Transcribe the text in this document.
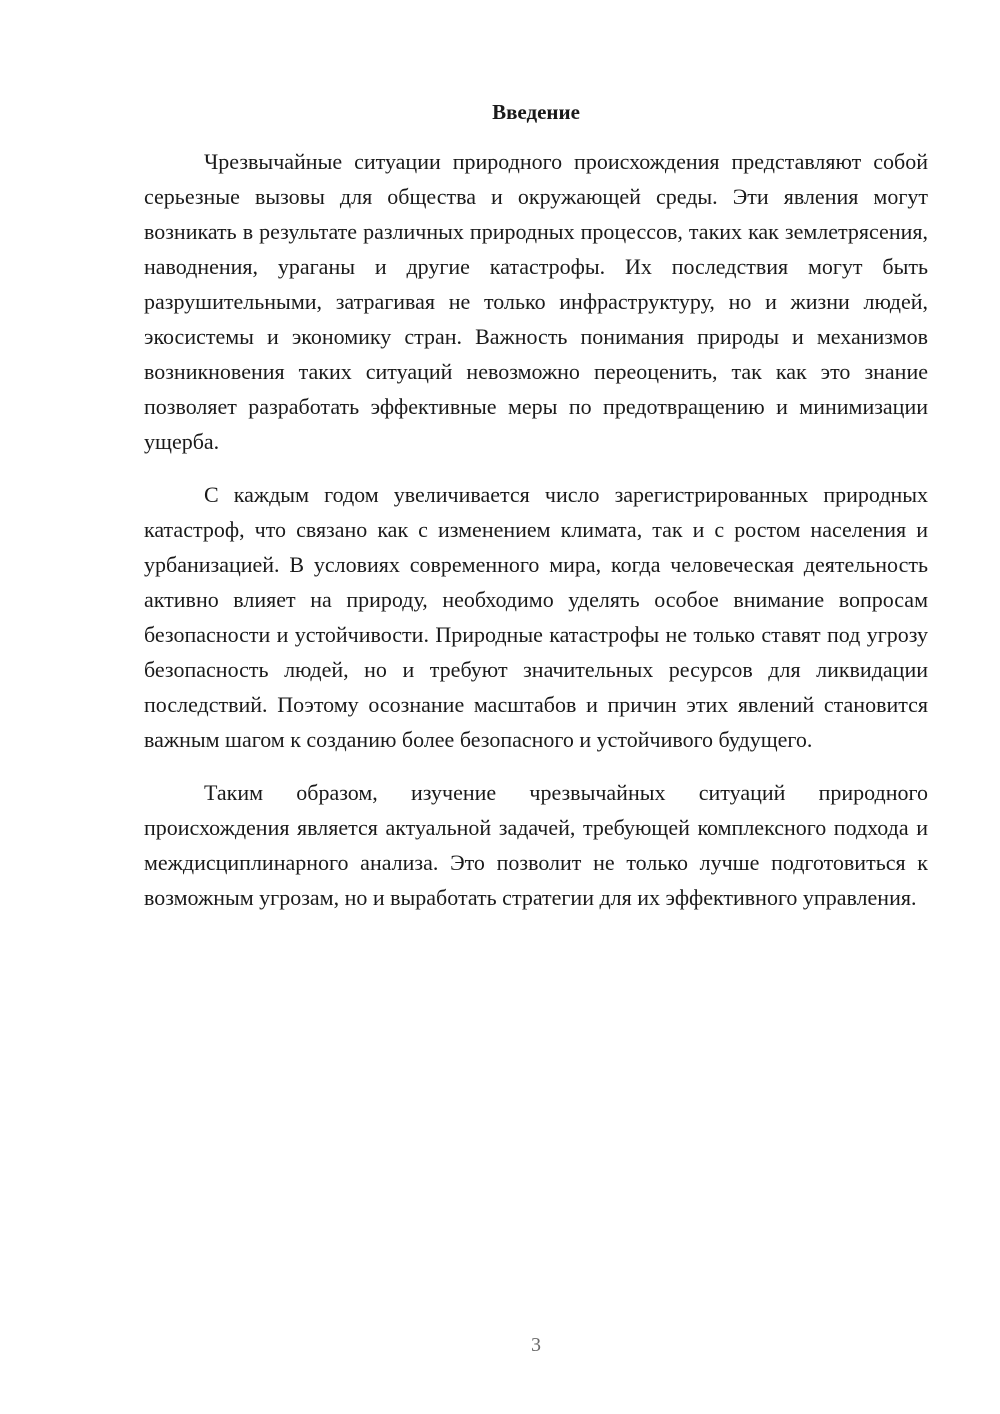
Введение

Чрезвычайные ситуации природного происхождения представляют собой серьезные вызовы для общества и окружающей среды. Эти явления могут возникать в результате различных природных процессов, таких как землетрясения, наводнения, ураганы и другие катастрофы. Их последствия могут быть разрушительными, затрагивая не только инфраструктуру, но и жизни людей, экосистемы и экономику стран. Важность понимания природы и механизмов возникновения таких ситуаций невозможно переоценить, так как это знание позволяет разработать эффективные меры по предотвращению и минимизации ущерба.

С каждым годом увеличивается число зарегистрированных природных катастроф, что связано как с изменением климата, так и с ростом населения и урбанизацией. В условиях современного мира, когда человеческая деятельность активно влияет на природу, необходимо уделять особое внимание вопросам безопасности и устойчивости. Природные катастрофы не только ставят под угрозу безопасность людей, но и требуют значительных ресурсов для ликвидации последствий. Поэтому осознание масштабов и причин этих явлений становится важным шагом к созданию более безопасного и устойчивого будущего.

Таким образом, изучение чрезвычайных ситуаций природного происхождения является актуальной задачей, требующей комплексного подхода и междисциплинарного анализа. Это позволит не только лучше подготовиться к возможным угрозам, но и выработать стратегии для их эффективного управления.

3
